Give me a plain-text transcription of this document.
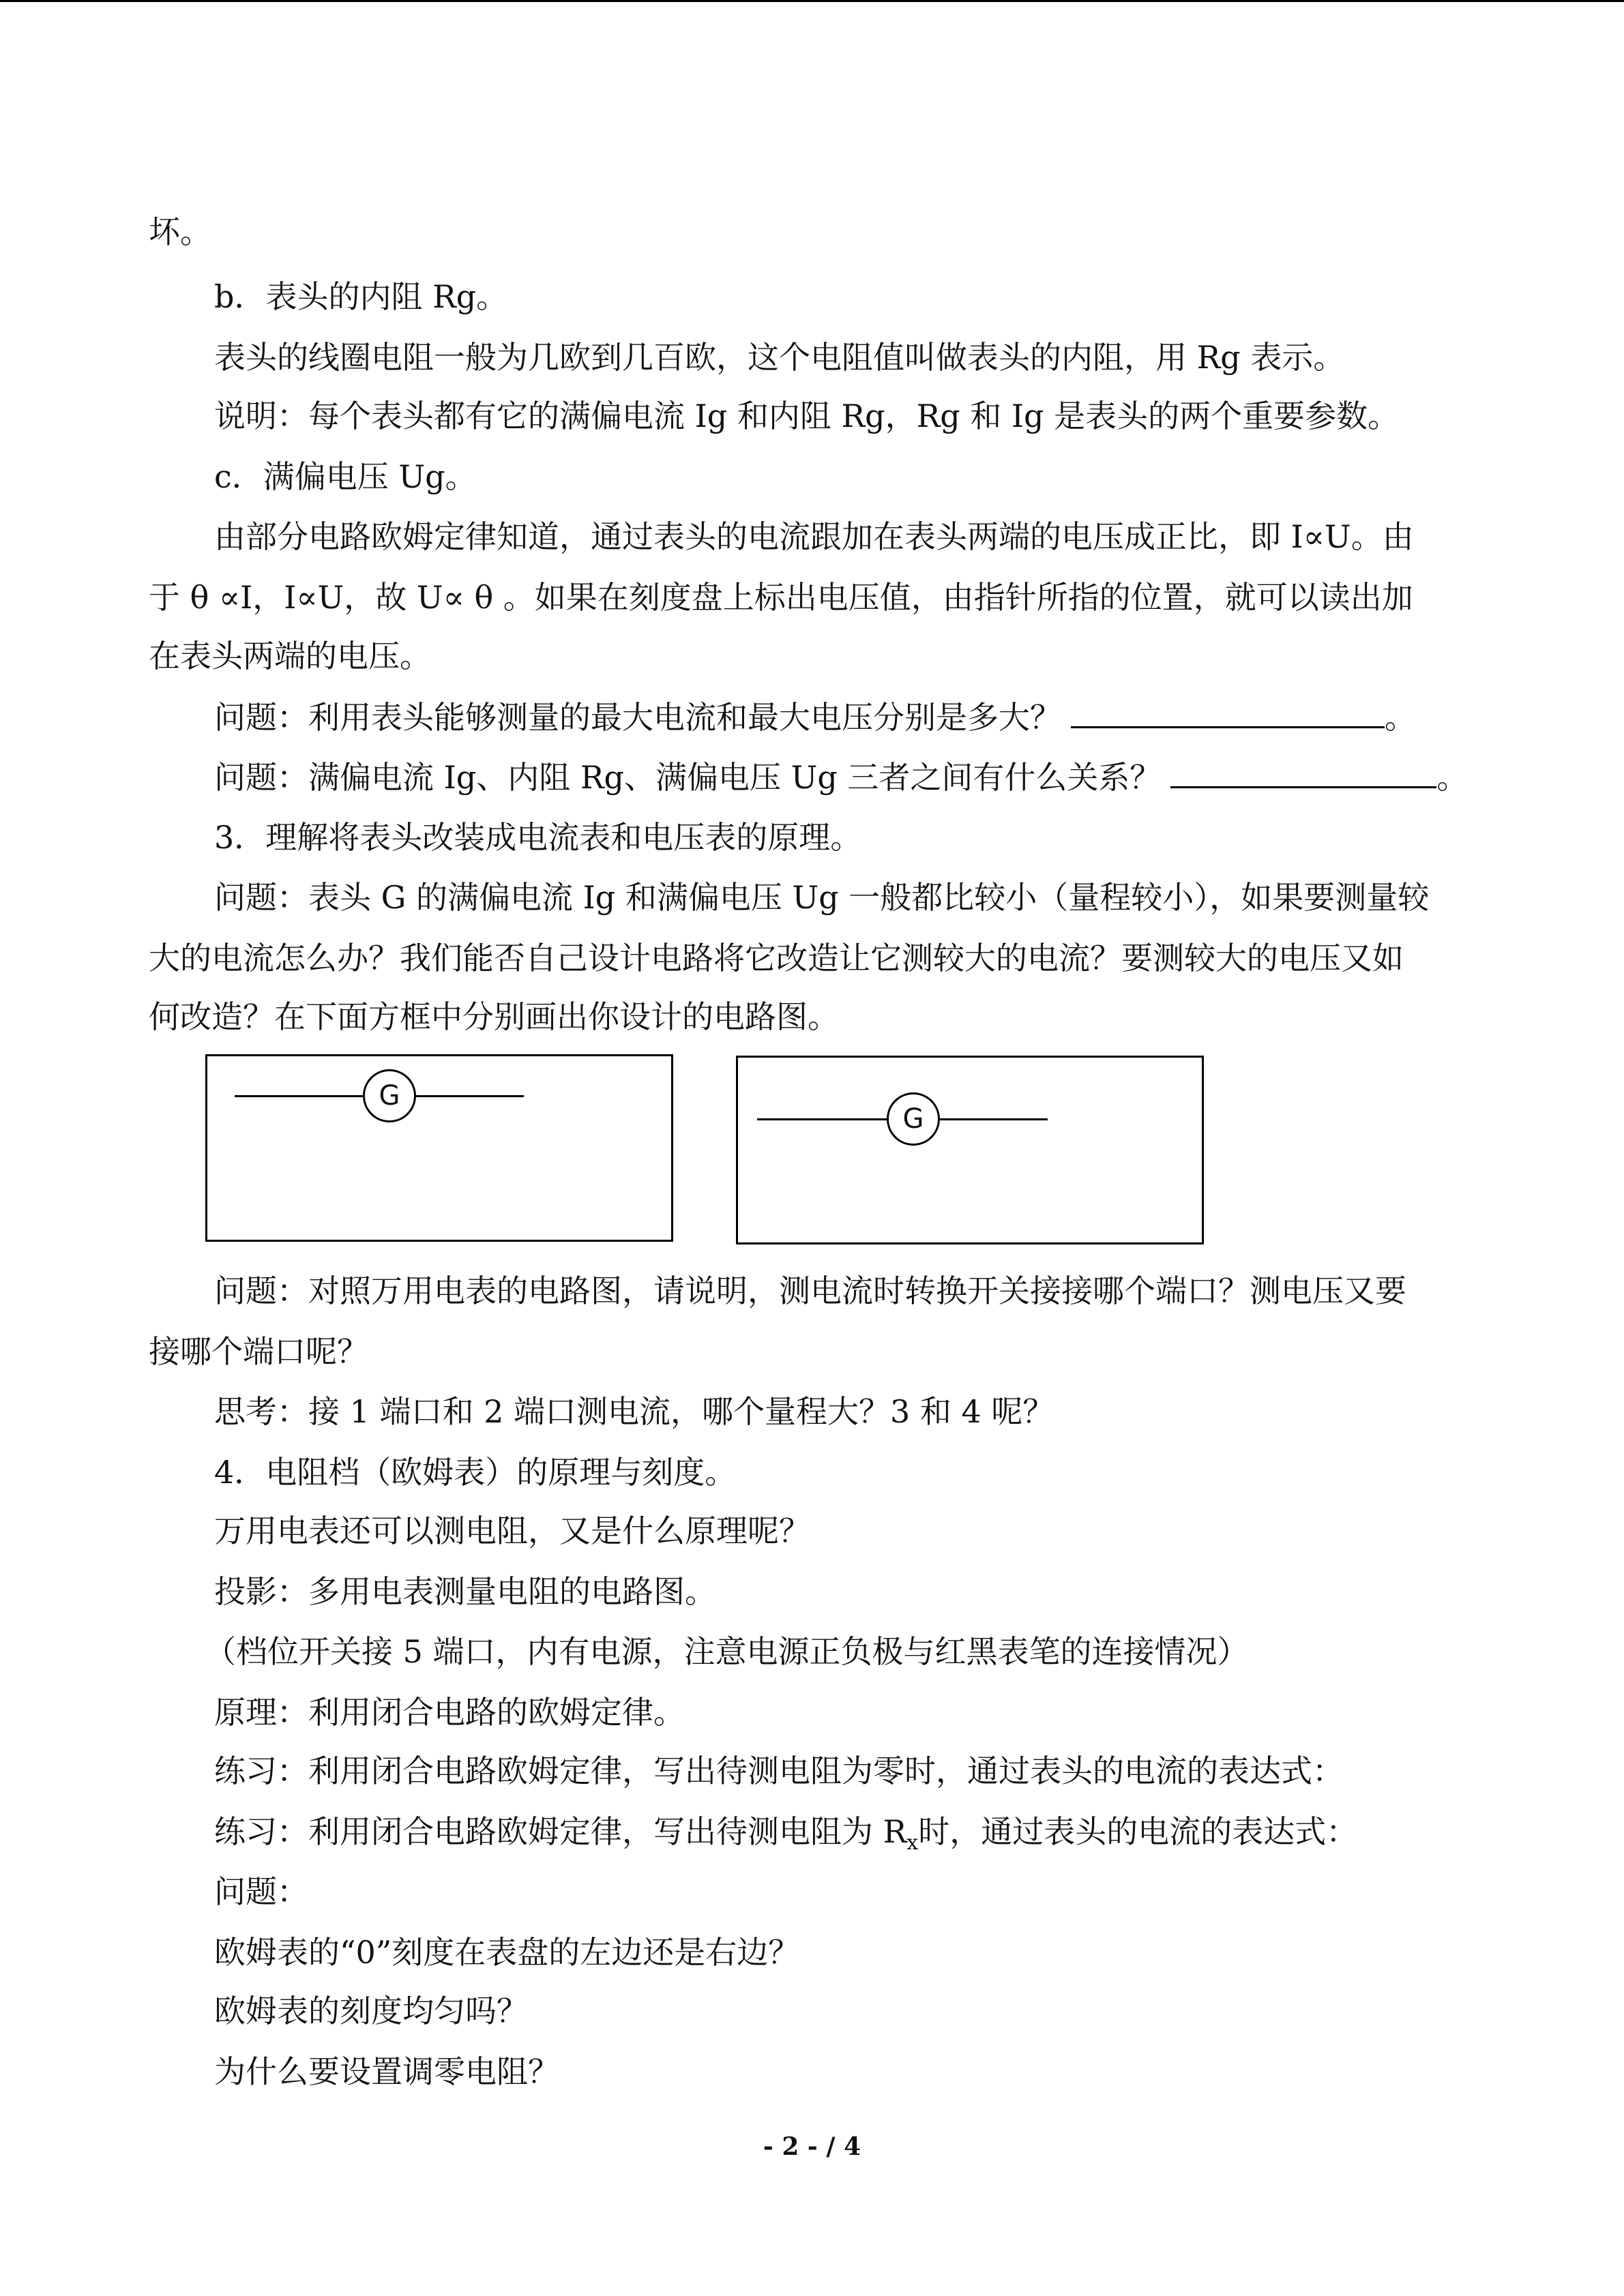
坏。
b．表头的内阻 Rg。
表头的线圈电阻一般为几欧到几百欧，这个电阻值叫做表头的内阻，用 Rg 表示。
说明：每个表头都有它的满偏电流 Ig 和内阻 Rg，Rg 和 Ig 是表头的两个重要参数。
c．满偏电压 Ug。
由部分电路欧姆定律知道，通过表头的电流跟加在表头两端的电压成正比，即 I∝U。由
于 θ ∝I，I∝U，故 U∝ θ 。如果在刻度盘上标出电压值，由指针所指的位置，就可以读出加
在表头两端的电压。
问题：利用表头能够测量的最大电流和最大电压分别是多大？	。
问题：满偏电流 Ig、内阻 Rg、满偏电压 Ug 三者之间有什么关系？	。
3．理解将表头改装成电流表和电压表的原理。
问题：表头 G 的满偏电流 Ig 和满偏电压 Ug 一般都比较小（量程较小），如果要测量较
大的电流怎么办？我们能否自己设计电路将它改造让它测较大的电流？要测较大的电压又如
何改造？在下面方框中分别画出你设计的电路图。
G
G
问题：对照万用电表的电路图，请说明，测电流时转换开关接接哪个端口？测电压又要
接哪个端口呢？
思考：接 1 端口和 2 端口测电流，哪个量程大？3 和 4 呢？
4．电阻档（欧姆表）的原理与刻度。
万用电表还可以测电阻，又是什么原理呢？
投影：多用电表测量电阻的电路图。
（档位开关接 5 端口，内有电源，注意电源正负极与红黑表笔的连接情况）
原理：利用闭合电路的欧姆定律。
练习：利用闭合电路欧姆定律，写出待测电阻为零时，通过表头的电流的表达式：
练习：利用闭合电路欧姆定律，写出待测电阻为 $R_x$时，通过表头的电流的表达式：
问题：
欧姆表的“0”刻度在表盘的左边还是右边？
欧姆表的刻度均匀吗？
为什么要设置调零电阻？
- 2 - / 4
